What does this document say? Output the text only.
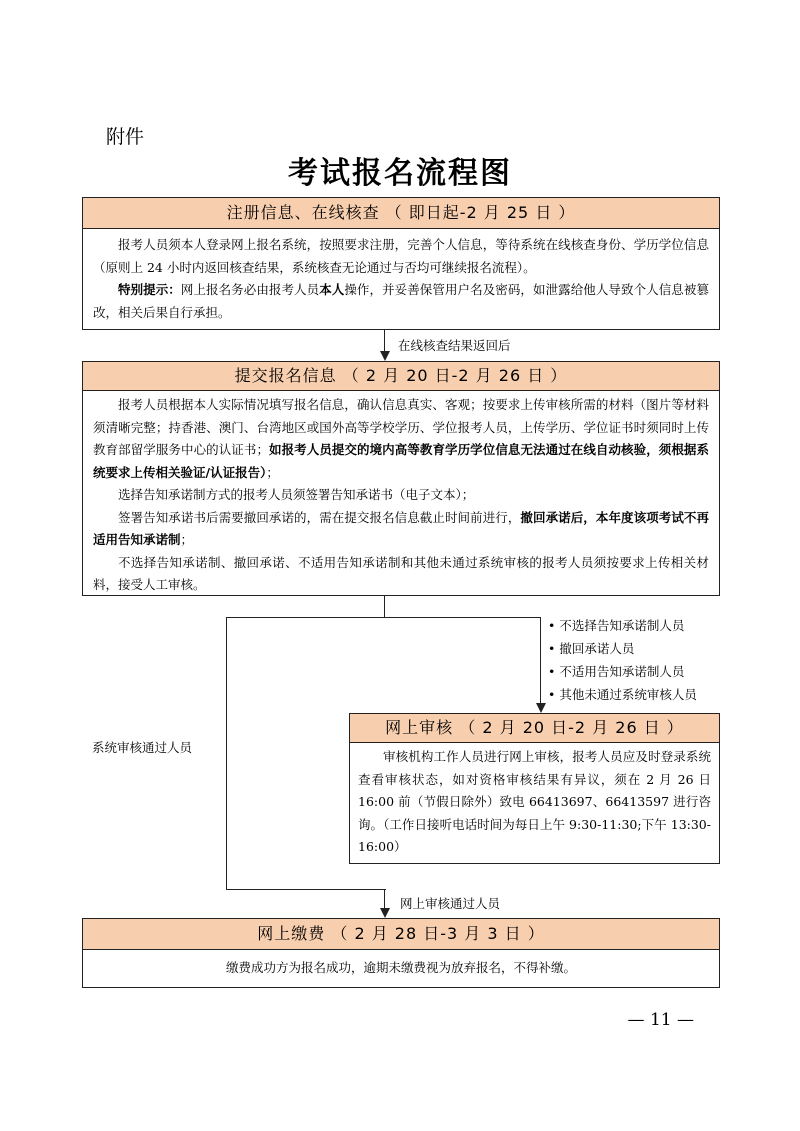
附件
考试报名流程图
注册信息、在线核查 （ 即日起-2 月 25 日 ）

报考人员须本人登录网上报名系统，按照要求注册，完善个人信息，等待系统在线核查身份、学历学位信息（原则上 24 小时内返回核查结果，系统核查无论通过与否均可继续报名流程）。

特别提示：网上报名务必由报考人员本人操作，并妥善保管用户名及密码，如泄露给他人导致个人信息被篡改，相关后果自行承担。

在线核查结果返回后
提交报名信息 （ 2 月 20 日-2 月 26 日 ）

报考人员根据本人实际情况填写报名信息，确认信息真实、客观；按要求上传审核所需的材料（图片等材料须清晰完整；持香港、澳门、台湾地区或国外高等学校学历、学位报考人员，上传学历、学位证书时须同时上传教育部留学服务中心的认证书；如报考人员提交的境内高等教育学历学位信息无法通过在线自动核验，须根据系统要求上传相关验证/认证报告）；

选择告知承诺制方式的报考人员须签署告知承诺书（电子文本）；

签署告知承诺书后需要撤回承诺的，需在提交报名信息截止时间前进行，撤回承诺后，本年度该项考试不再适用告知承诺制；

不选择告知承诺制、撤回承诺、不适用告知承诺制和其他未通过系统审核的报考人员须按要求上传相关材料，接受人工审核。

• 不选择告知承诺制人员
• 撤回承诺人员
• 不适用告知承诺制人员
• 其他未通过系统审核人员
系统审核通过人员
网上审核 （ 2 月 20 日-2 月 26 日 ）

审核机构工作人员进行网上审核，报考人员应及时登录系统查看审核状态，如对资格审核结果有异议，须在 2 月 26 日 16:00 前（节假日除外）致电 66413697、66413597 进行咨询。（工作日接听电话时间为每日上午 9:30-11:30;下午 13:30-16:00）

网上审核通过人员
网上缴费 （ 2 月 28 日-3 月 3 日 ）
缴费成功方为报名成功，逾期未缴费视为放弃报名，不得补缴。
— 11 —
